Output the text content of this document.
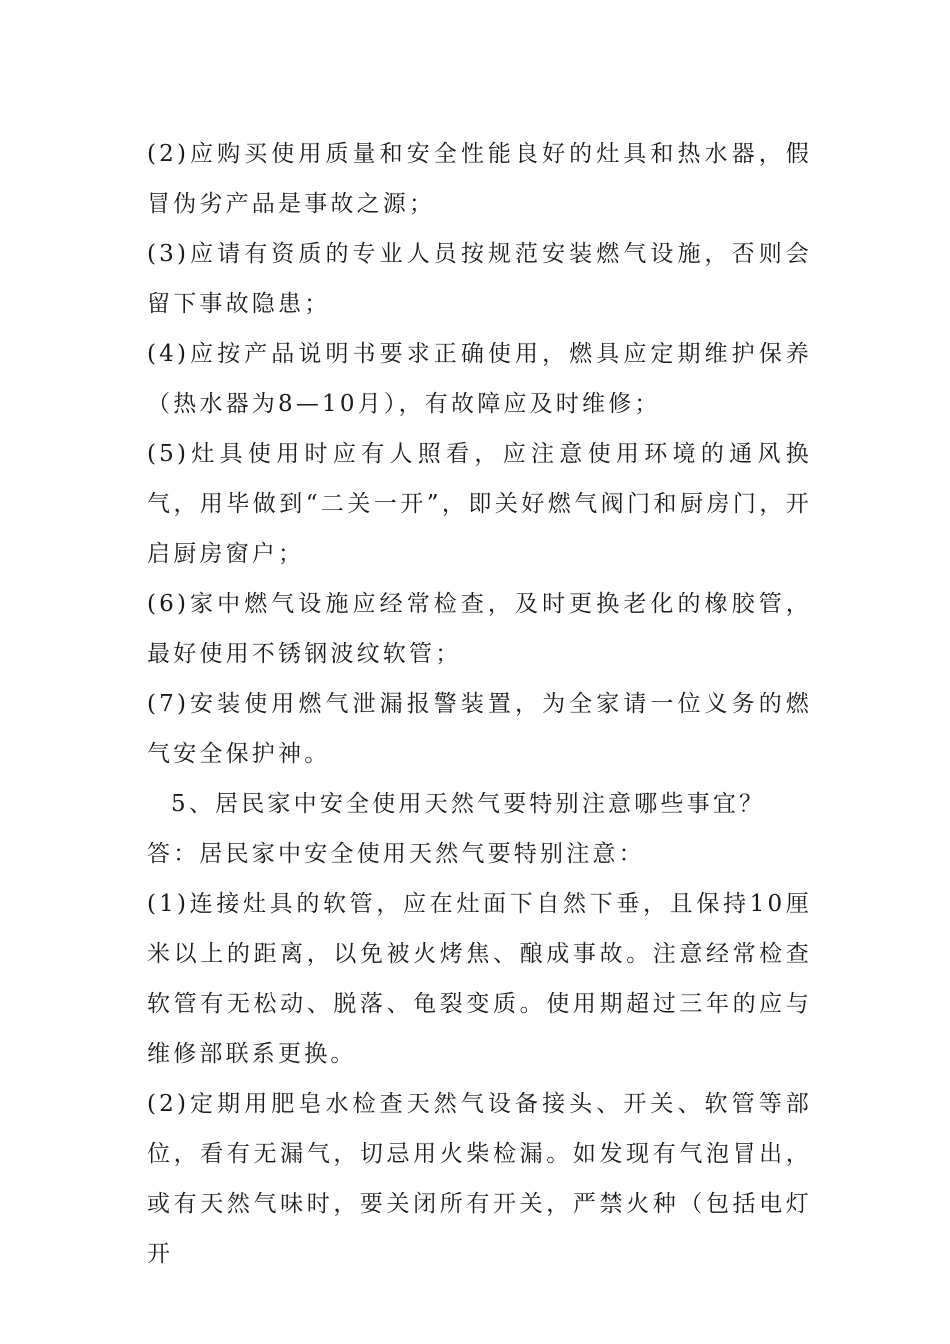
(2)应购买使用质量和安全性能良好的灶具和热水器，假冒伪劣产品是事故之源；

(3)应请有资质的专业人员按规范安装燃气设施，否则会留下事故隐患；

(4)应按产品说明书要求正确使用，燃具应定期维护保养（热水器为8—10月），有故障应及时维修；

(5)灶具使用时应有人照看，应注意使用环境的通风换气，用毕做到“二关一开”，即关好燃气阀门和厨房门，开启厨房窗户；

(6)家中燃气设施应经常检查，及时更换老化的橡胶管，最好使用不锈钢波纹软管；

(7)安装使用燃气泄漏报警装置，为全家请一位义务的燃气安全保护神。

5、居民家中安全使用天然气要特别注意哪些事宜？

答：居民家中安全使用天然气要特别注意：

(1)连接灶具的软管，应在灶面下自然下垂，且保持10厘米以上的距离，以免被火烤焦、酿成事故。注意经常检查软管有无松动、脱落、龟裂变质。使用期超过三年的应与维修部联系更换。

(2)定期用肥皂水检查天然气设备接头、开关、软管等部位，看有无漏气，切忌用火柴检漏。如发现有气泡冒出，或有天然气味时，要关闭所有开关，严禁火种（包括电灯开
